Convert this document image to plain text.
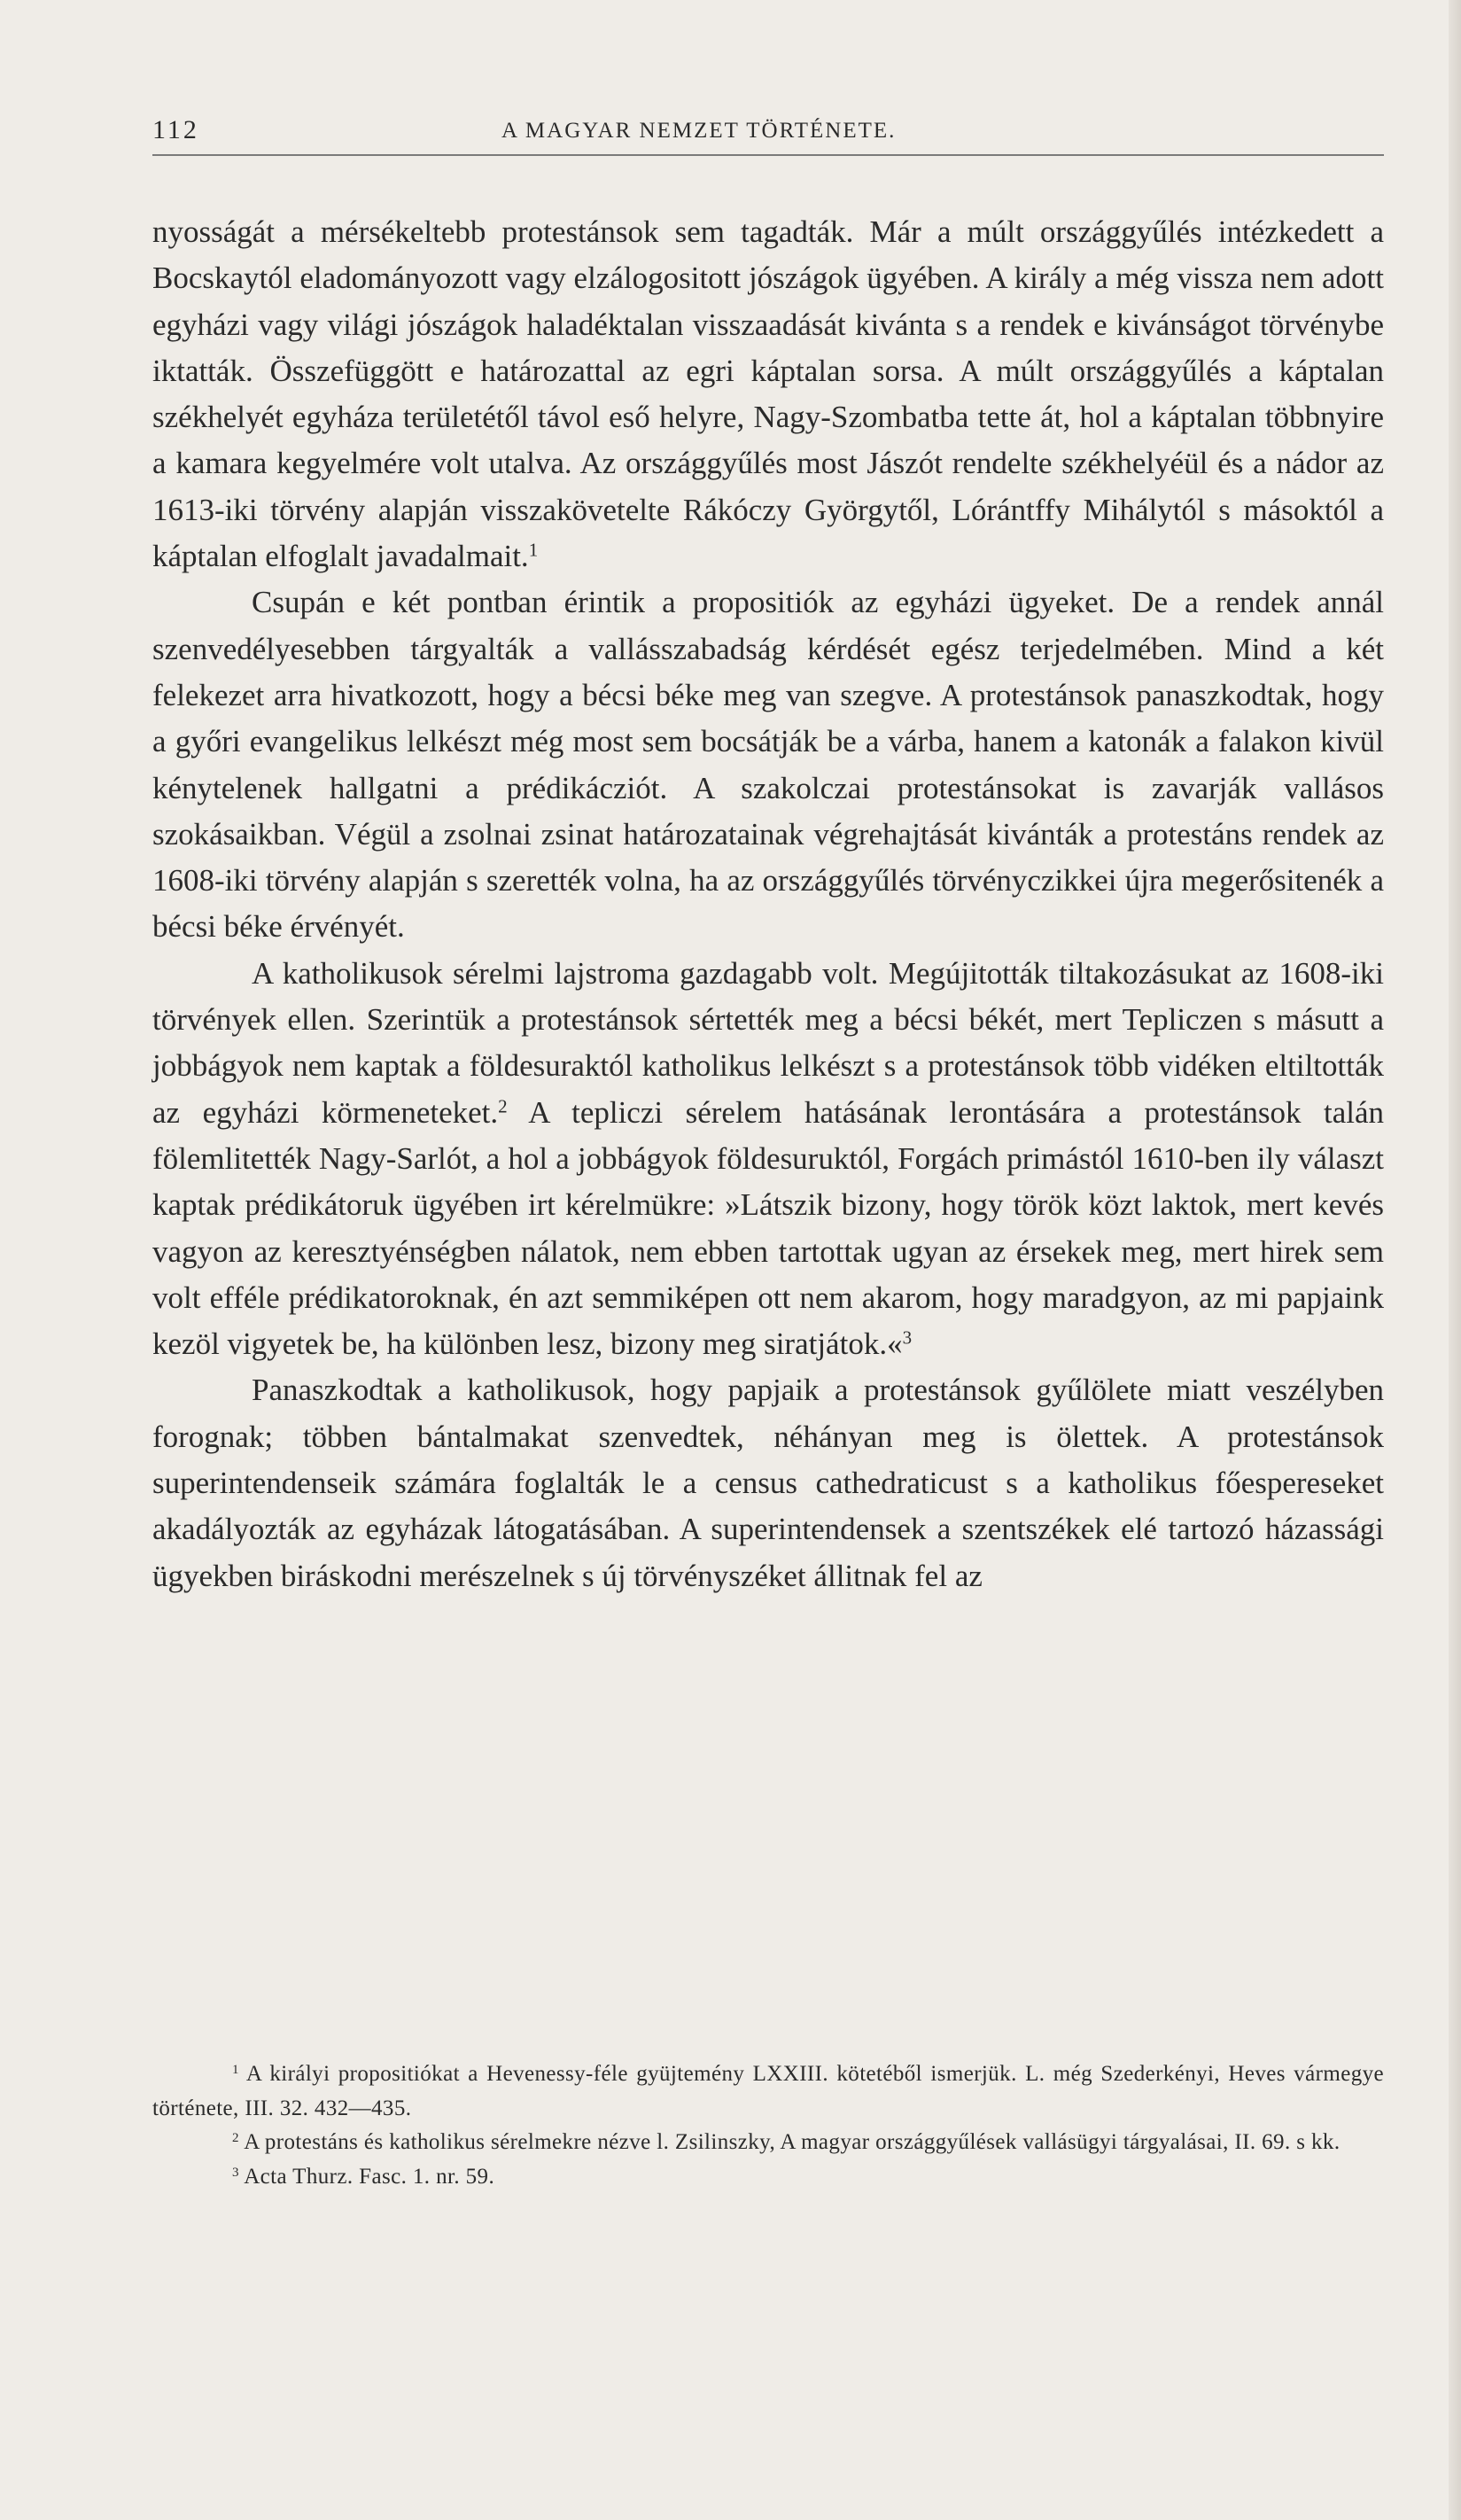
112	A MAGYAR NEMZET TÖRTÉNETE.

nyosságát a mérsékeltebb protestánsok sem tagadták. Már a múlt országgyűlés intézkedett a Bocskaytól eladományozott vagy elzálogositott jószágok ügyében. A király a még vissza nem adott egyházi vagy világi jószágok haladéktalan visszaadását kivánta s a rendek e kivánságot törvénybe iktatták. Összefüggött e határozattal az egri káptalan sorsa. A múlt országgyűlés a káptalan székhelyét egyháza területétől távol eső helyre, Nagy-Szombatba tette át, hol a káptalan többnyire a kamara kegyelmére volt utalva. Az országgyűlés most Jászót rendelte székhelyéül és a nádor az 1613-iki törvény alapján visszakövetelte Rákóczy Györgytől, Lórántffy Mihálytól s másoktól a káptalan elfoglalt javadalmait.$^1$

Csupán e két pontban érintik a propositiók az egyházi ügyeket. De a rendek annál szenvedélyesebben tárgyalták a vallásszabadság kérdését egész terjedelmében. Mind a két felekezet arra hivatkozott, hogy a bécsi béke meg van szegve. A protestánsok panaszkodtak, hogy a győri evangelikus lelkészt még most sem bocsátják be a várba, hanem a katonák a falakon kivül kénytelenek hallgatni a prédikácziót. A szakolczai protestánsokat is zavarják vallásos szokásaikban. Végül a zsolnai zsinat határozatainak végrehajtását kivánták a protestáns rendek az 1608-iki törvény alapján s szerették volna, ha az országgyűlés törvényczikkei újra megerősitenék a bécsi béke érvényét.

A katholikusok sérelmi lajstroma gazdagabb volt. Megújitották tiltakozásukat az 1608-iki törvények ellen. Szerintük a protestánsok sértették meg a bécsi békét, mert Tepliczen s másutt a jobbágyok nem kaptak a földesuraktól katholikus lelkészt s a protestánsok több vidéken eltiltották az egyházi körmeneteket.$^2$ A tepliczi sérelem hatásának lerontására a protestánsok talán fölemlitették Nagy-Sarlót, a hol a jobbágyok földesuruktól, Forgách primástól 1610-ben ily választ kaptak prédikátoruk ügyében irt kérelmükre: »Látszik bizony, hogy török közt laktok, mert kevés vagyon az keresztyénségben nálatok, nem ebben tartottak ugyan az érsekek meg, mert hirek sem volt efféle prédikatoroknak, én azt semmiképen ott nem akarom, hogy maradgyon, az mi papjaink kezöl vigyetek be, ha különben lesz, bizony meg siratjátok.«$^3$

Panaszkodtak a katholikusok, hogy papjaik a protestánsok gyűlölete miatt veszélyben forognak; többen bántalmakat szenvedtek, néhányan meg is ölettek. A protestánsok superintendenseik számára foglalták le a census cathedraticust s a katholikus főespereseket akadályozták az egyházak látogatásában. A superintendensek a szentszékek elé tartozó házassági ügyekben biráskodni merészelnek s új törvényszéket állitnak fel az

$^1$ A királyi propositiókat a Hevenessy-féle gyüjtemény LXXIII. kötetéből ismerjük. L. még Szederkényi, Heves vármegye története, III. 32. 432—435.

$^2$ A protestáns és katholikus sérelmekre nézve l. Zsilinszky, A magyar országgyűlések vallásügyi tárgyalásai, II. 69. s kk.

$^3$ Acta Thurz. Fasc. 1. nr. 59.
